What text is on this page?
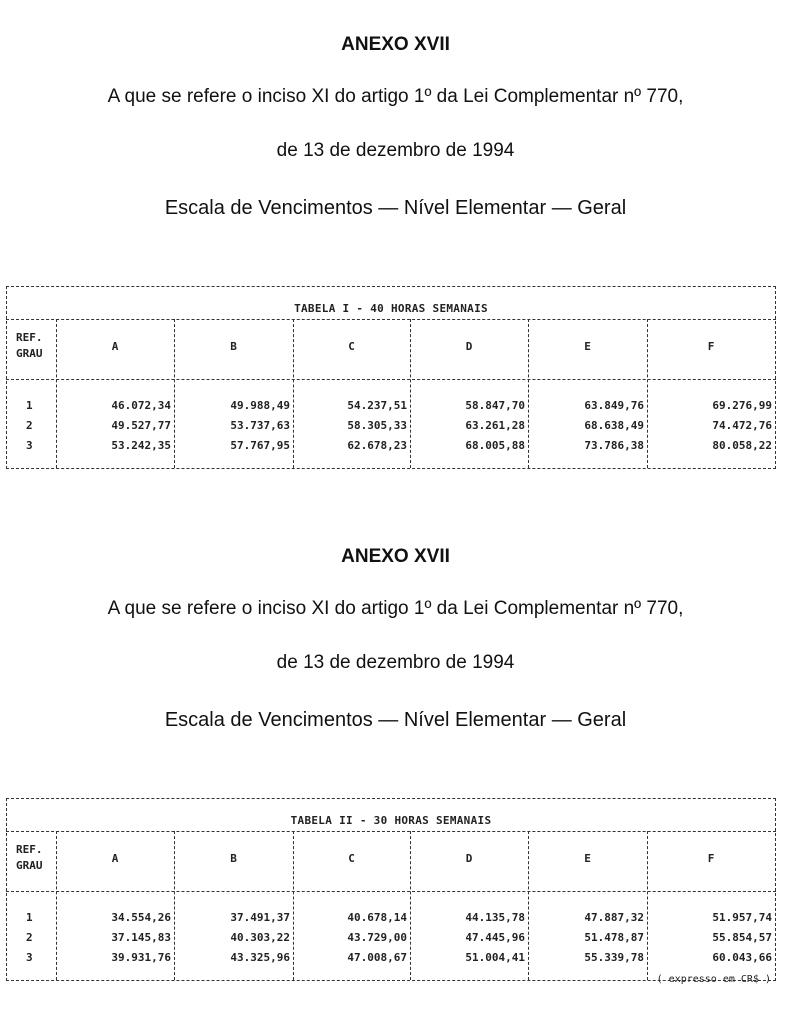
ANEXO XVII
A que se refere o inciso XI do artigo 1º da Lei Complementar nº 770,
de 13 de dezembro de 1994
Escala de Vencimentos — Nível Elementar — Geral
TABELA I - 40 HORAS SEMANAIS
REF.
GRAU
A	B	C	D	E	F
1	46.072,34	49.988,49	54.237,51	58.847,70	63.849,76	69.276,99
2	49.527,77	53.737,63	58.305,33	63.261,28	68.638,49	74.472,76
3	53.242,35	57.767,95	62.678,23	68.005,88	73.786,38	80.058,22
ANEXO XVII
A que se refere o inciso XI do artigo 1º da Lei Complementar nº 770,
de 13 de dezembro de 1994
Escala de Vencimentos — Nível Elementar — Geral
TABELA II - 30 HORAS SEMANAIS
REF.
GRAU
A	B	C	D	E	F
1	34.554,26	37.491,37	40.678,14	44.135,78	47.887,32	51.957,74
2	37.145,83	40.303,22	43.729,00	47.445,96	51.478,87	55.854,57
3	39.931,76	43.325,96	47.008,67	51.004,41	55.339,78	60.043,66
( expresso em CR$ )
